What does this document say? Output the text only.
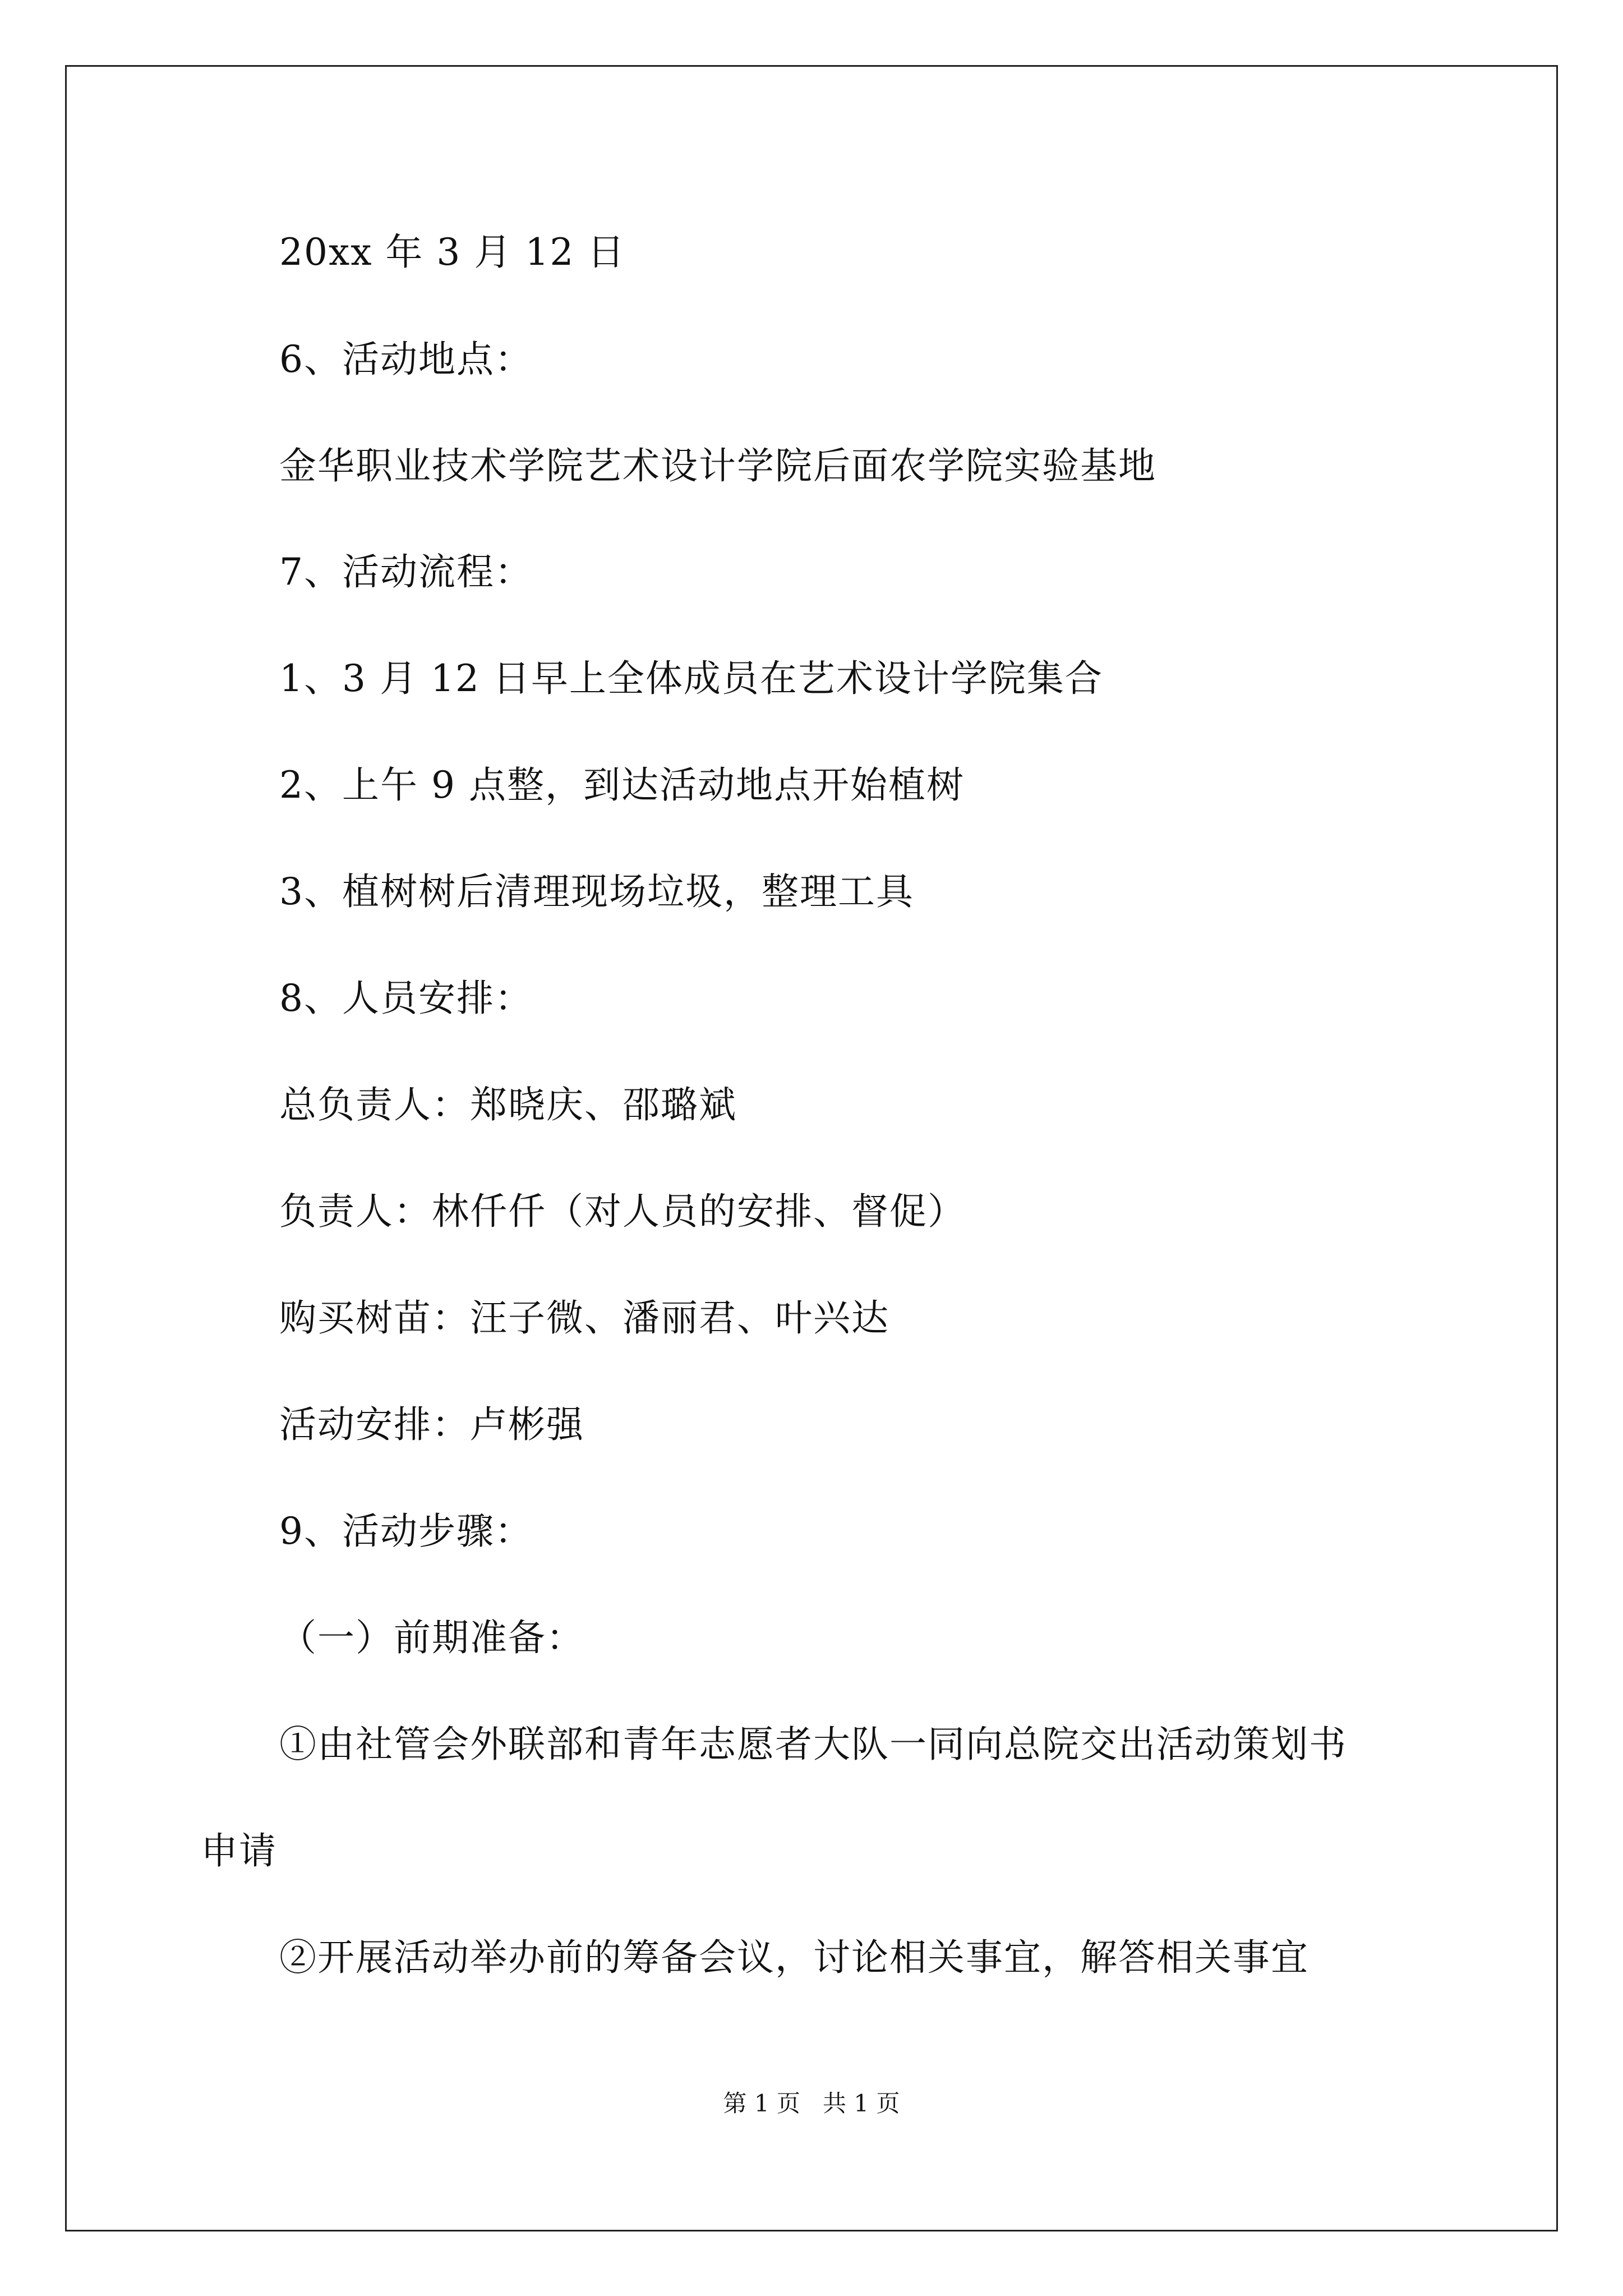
20xx 年 3 月 12 日
6、活动地点：
金华职业技术学院艺术设计学院后面农学院实验基地
7、活动流程：
1、3 月 12 日早上全体成员在艺术设计学院集合
2、上午 9 点整，到达活动地点开始植树
3、植树树后清理现场垃圾，整理工具
8、人员安排：
总负责人：郑晓庆、邵璐斌
负责人：林仟仟（对人员的安排、督促）
购买树苗：汪子微、潘丽君、叶兴达
活动安排：卢彬强
9、活动步骤：
（一）前期准备：
①由社管会外联部和青年志愿者大队一同向总院交出活动策划书
申请
②开展活动举办前的筹备会议，讨论相关事宜，解答相关事宜
第 1 页   共 1 页
